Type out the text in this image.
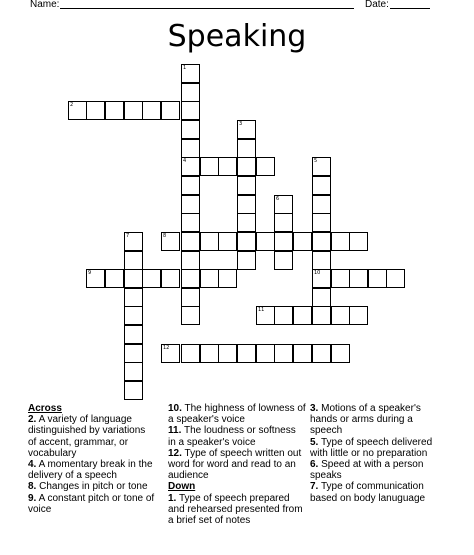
Name:	Date:
Speaking
1
2
3
4	5
6
7	8
9	10
11
12
Across

2. A variety of language distinguished by variations of accent, grammar, or vocabulary

4. A momentary break in the delivery of a speech

8. Changes in pitch or tone

9. A constant pitch or tone of voice

10. The highness of lowness of a speaker's voice

11. The loudness or softness in a speaker's voice

12. Type of speech written out word for word and read to an audience

Down

1. Type of speech prepared and rehearsed presented from a brief set of notes

3. Motions of a speaker's hands or arms during a speech

5. Type of speech delivered with little or no preparation

6. Speed at with a person speaks

7. Type of communication based on body lanuguage
